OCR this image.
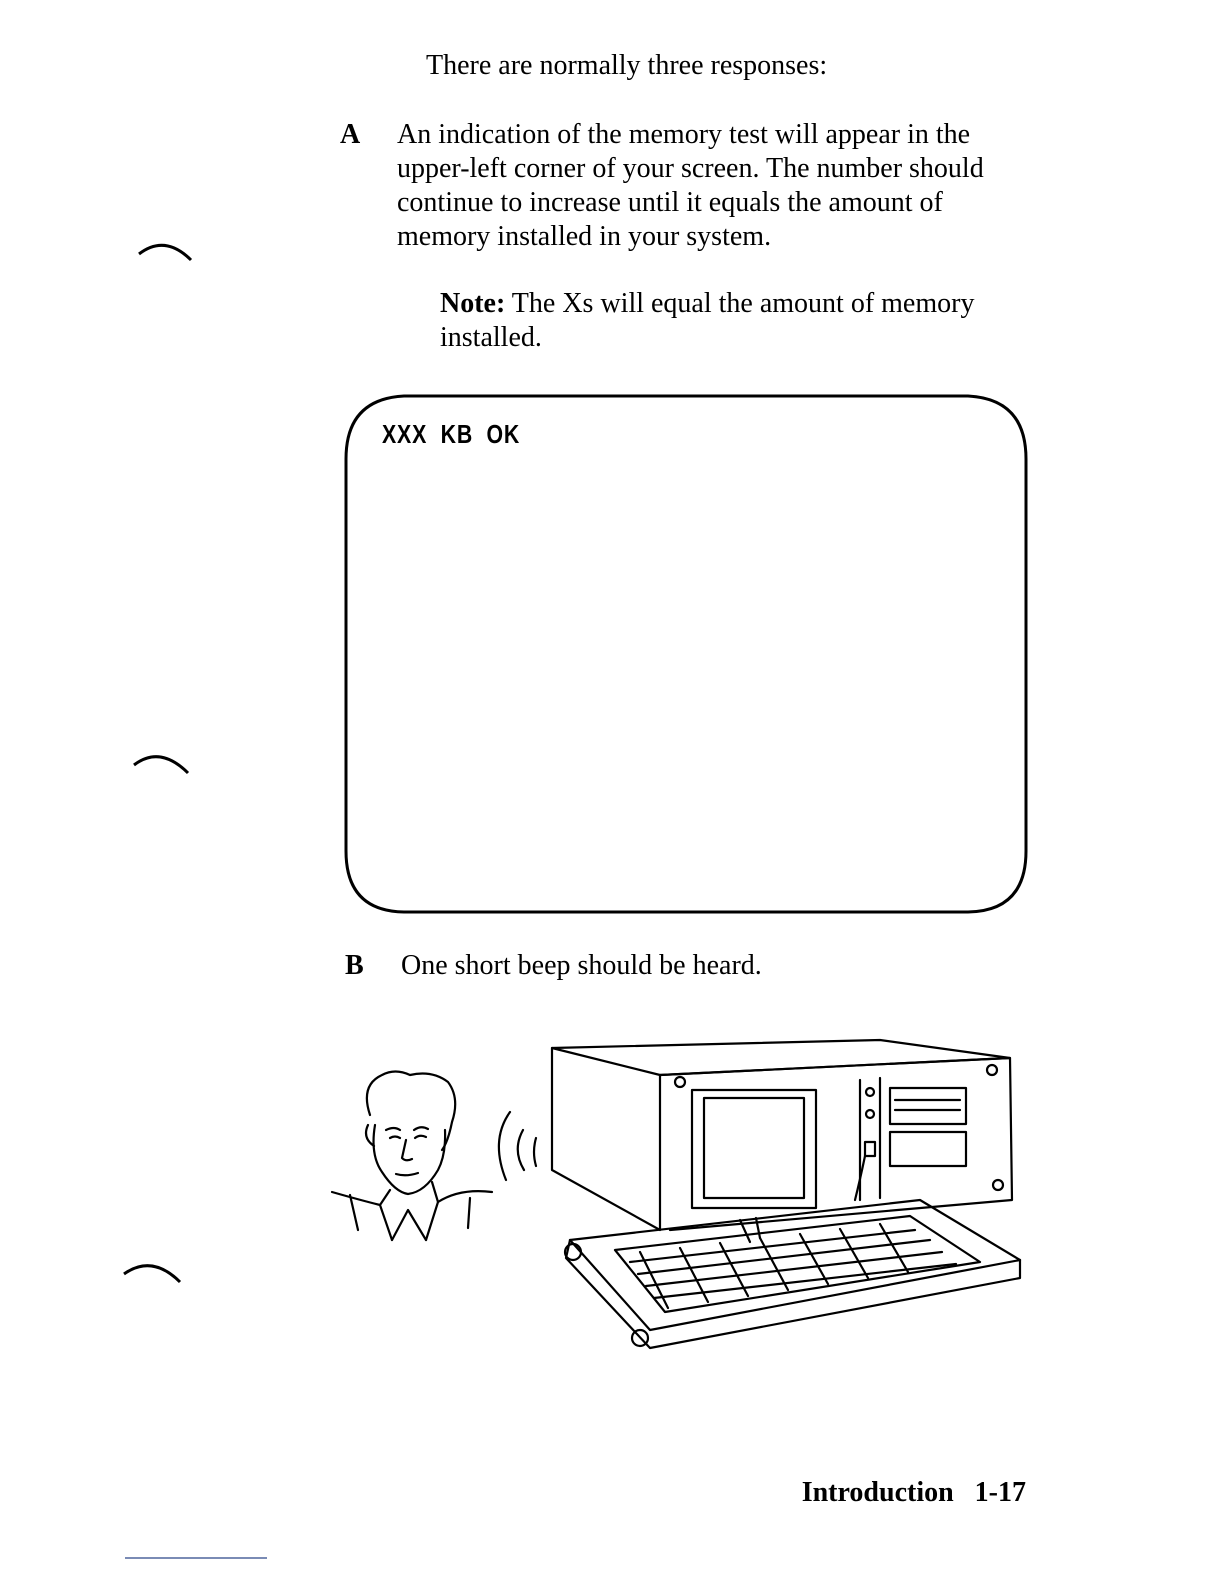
There are normally three responses:

A An indication of the memory test will appear in the upper-left corner of your screen. The number should continue to increase until it equals the amount of memory installed in your system.

Note: The Xs will equal the amount of memory installed.

XXX  KB  OK
B One short beep should be heard.

Introduction 1-17
